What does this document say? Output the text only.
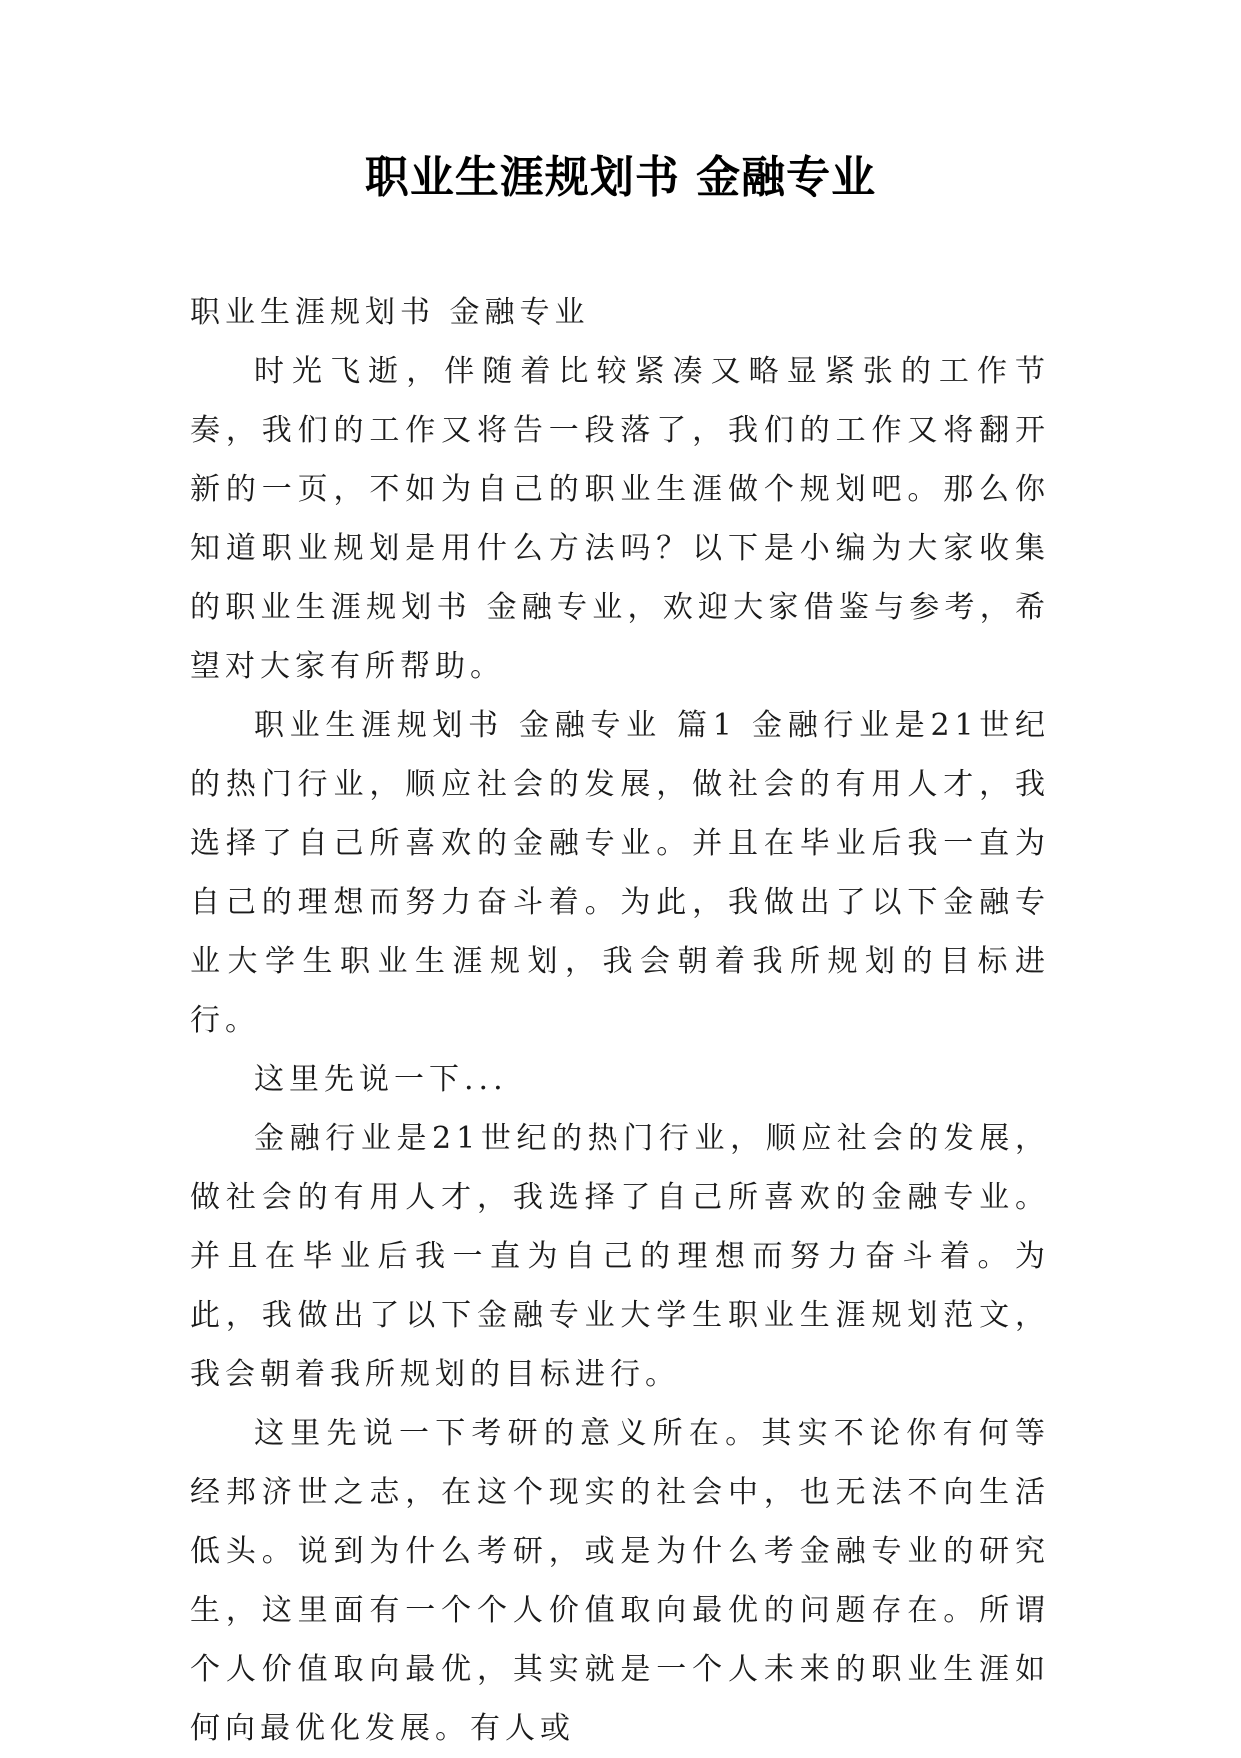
职业生涯规划书 金融专业

职业生涯规划书 金融专业

时光飞逝，伴随着比较紧凑又略显紧张的工作节奏，我们的工作又将告一段落了，我们的工作又将翻开新的一页，不如为自己的职业生涯做个规划吧。那么你知道职业规划是用什么方法吗？以下是小编为大家收集的职业生涯规划书 金融专业，欢迎大家借鉴与参考，希望对大家有所帮助。

职业生涯规划书 金融专业 篇1 金融行业是21世纪的热门行业，顺应社会的发展，做社会的有用人才，我选择了自己所喜欢的金融专业。并且在毕业后我一直为自己的理想而努力奋斗着。为此，我做出了以下金融专业大学生职业生涯规划，我会朝着我所规划的目标进行。

这里先说一下...

金融行业是21世纪的热门行业，顺应社会的发展，做社会的有用人才，我选择了自己所喜欢的金融专业。并且在毕业后我一直为自己的理想而努力奋斗着。为此，我做出了以下金融专业大学生职业生涯规划范文，我会朝着我所规划的目标进行。

这里先说一下考研的意义所在。其实不论你有何等经邦济世之志，在这个现实的社会中，也无法不向生活低头。说到为什么考研，或是为什么考金融专业的研究生，这里面有一个个人价值取向最优的问题存在。所谓个人价值取向最优，其实就是一个人未来的职业生涯如何向最优化发展。有人或
